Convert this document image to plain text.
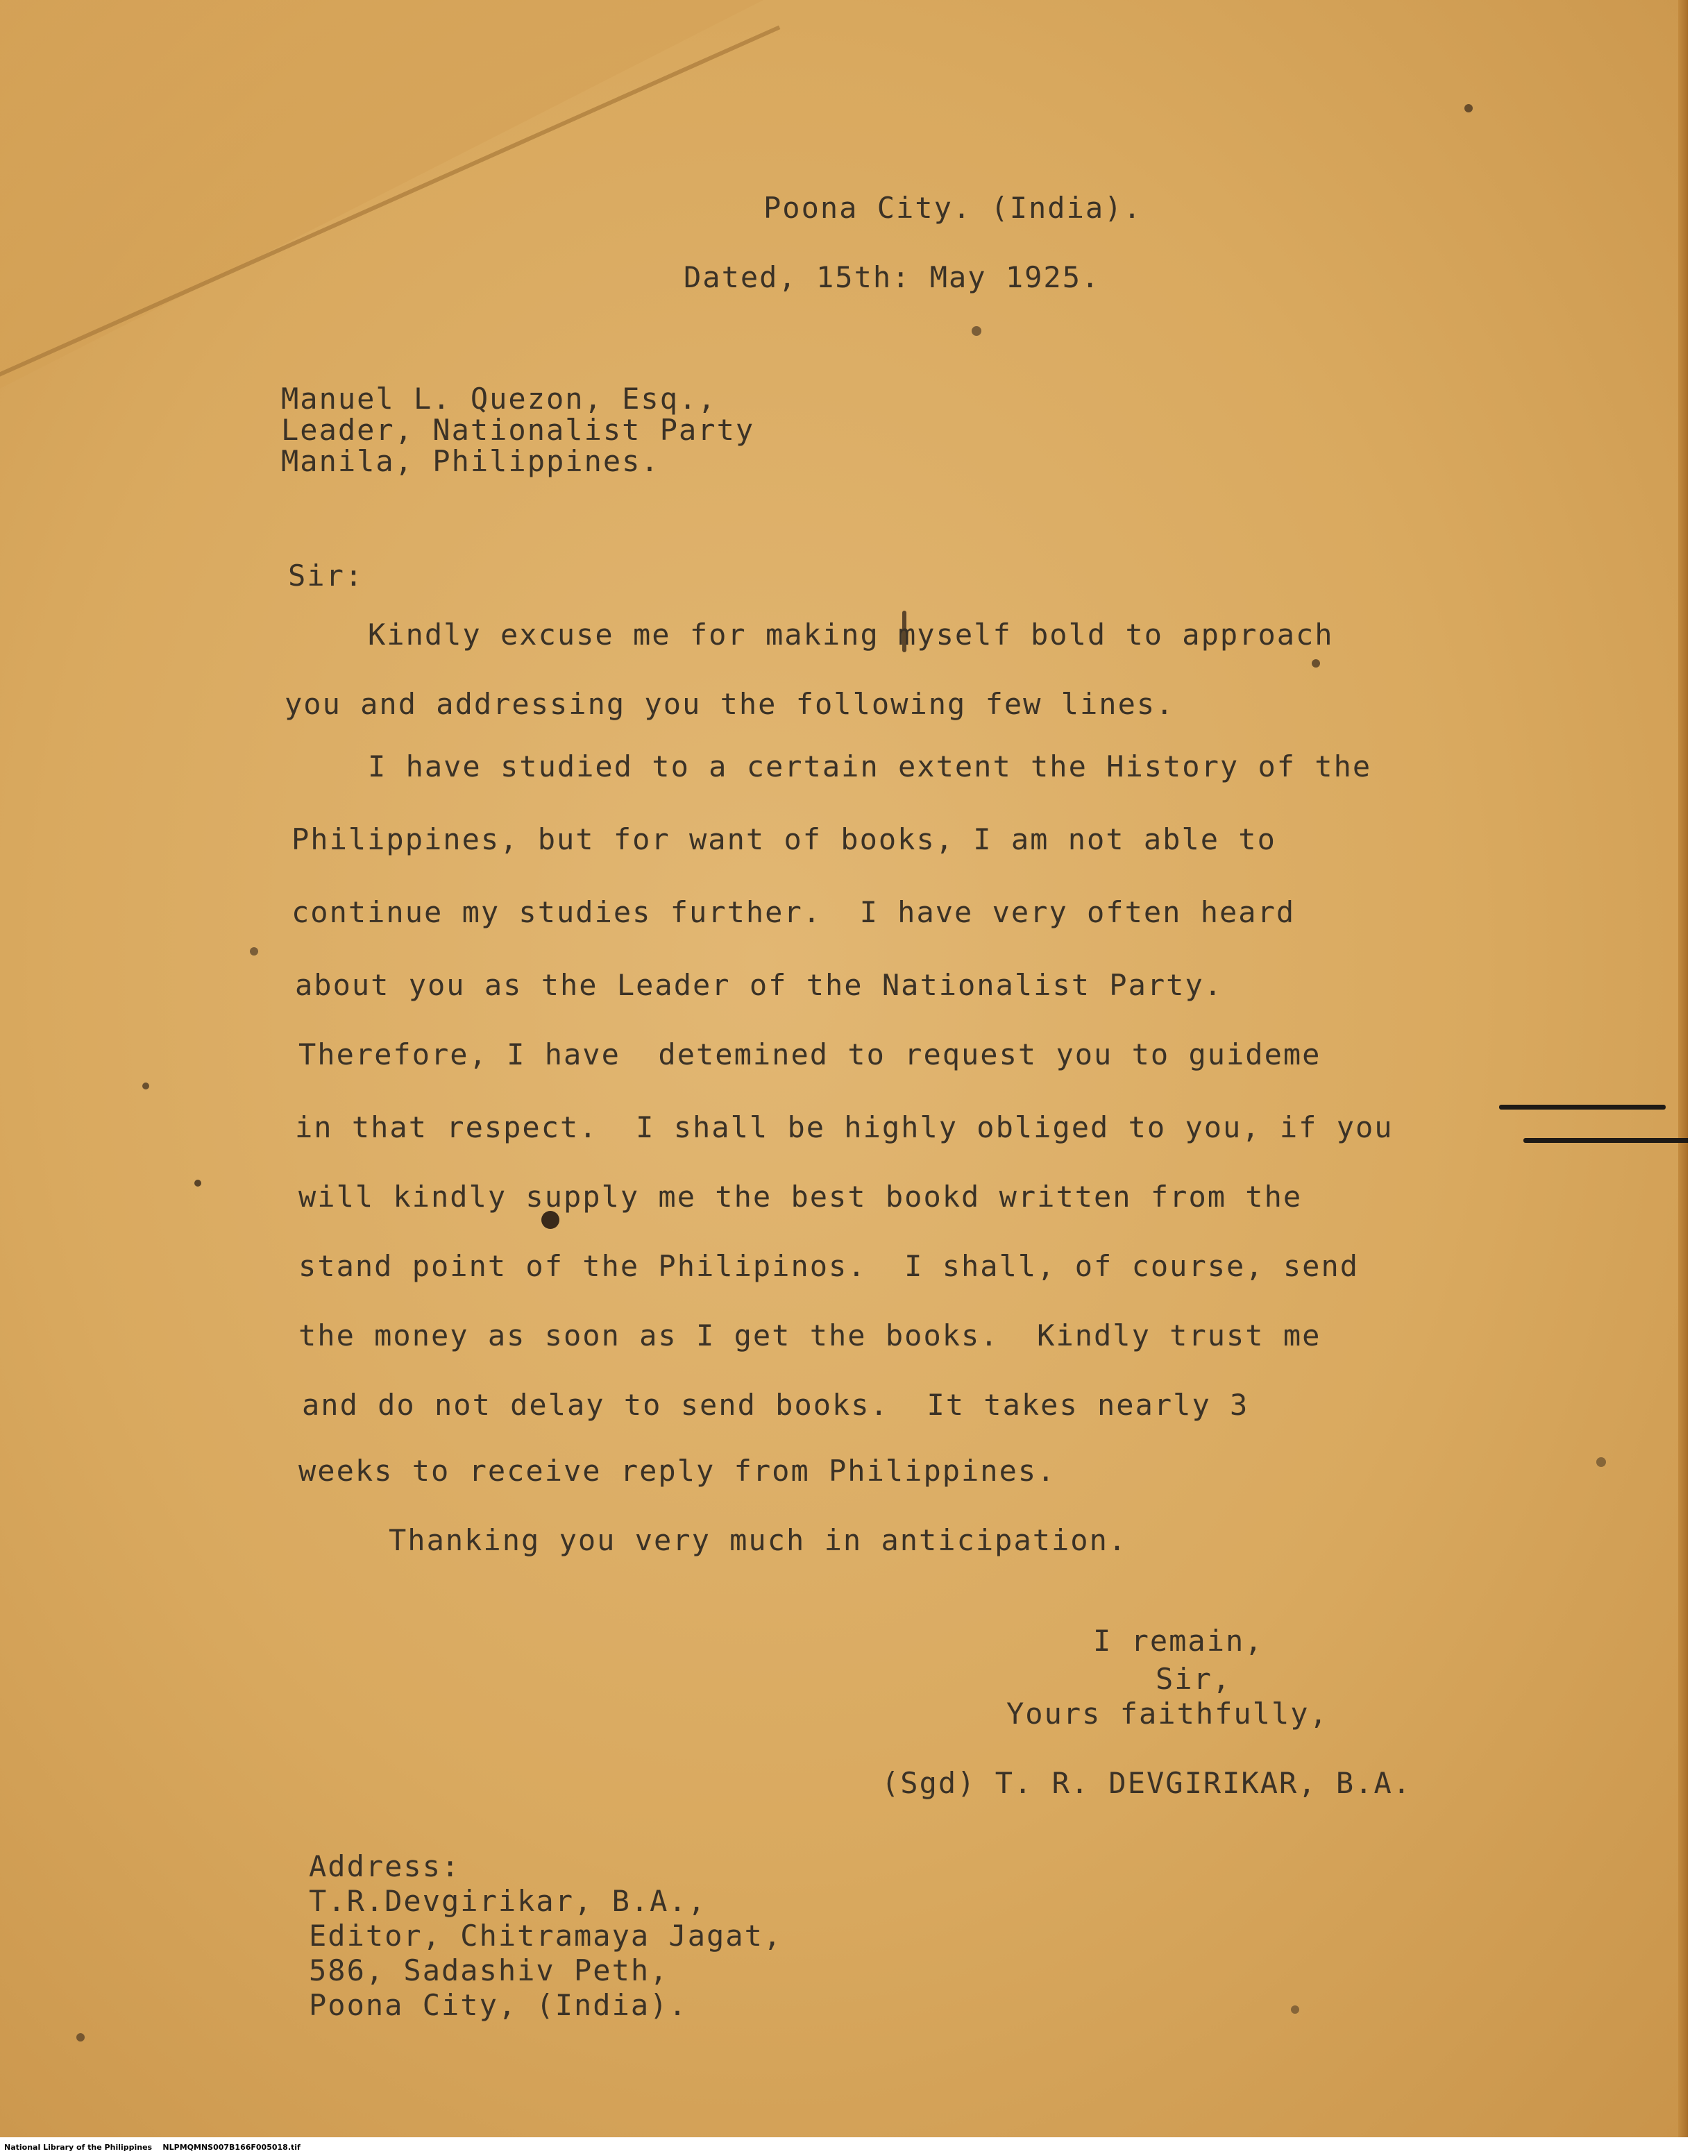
Poona City. (India).
Dated, 15th: May 1925.
Manuel L. Quezon, Esq.,
Leader, Nationalist Party
Manila, Philippines.
Sir:
Kindly excuse me for making myself bold to approach
you and addressing you the following few lines.
I have studied to a certain extent the History of the
Philippines, but for want of books, I am not able to
continue my studies further.  I have very often heard
about you as the Leader of the Nationalist Party.
Therefore, I have  detemined to request you to guideme
in that respect.  I shall be highly obliged to you, if you
will kindly supply me the best bookd written from the
stand point of the Philipinos.  I shall, of course, send
the money as soon as I get the books.  Kindly trust me
and do not delay to send books.  It takes nearly 3
weeks to receive reply from Philippines.
Thanking you very much in anticipation.
I remain,
Sir,
Yours faithfully,
(Sgd) T. R. DEVGIRIKAR, B.A.
Address:
T.R.Devgirikar, B.A.,
Editor, Chitramaya Jagat,
586, Sadashiv Peth,
Poona City, (India).
National Library of the Philippines    NLPMQMNS007B166F005018.tif
